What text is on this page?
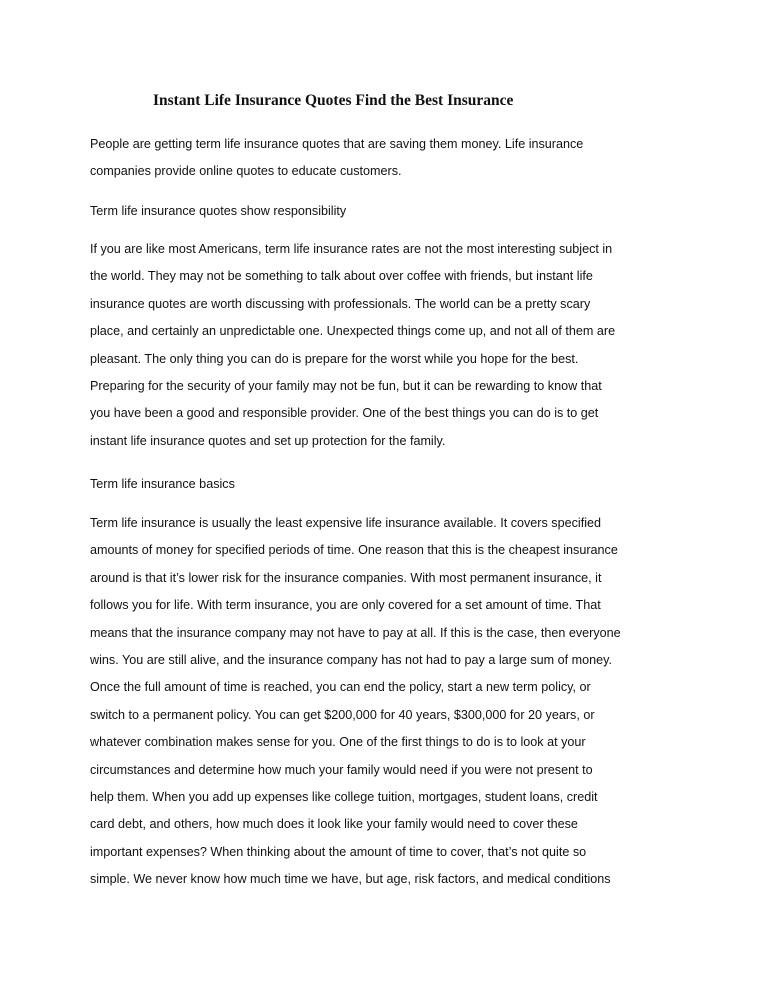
Instant Life Insurance Quotes Find the Best Insurance

People are getting term life insurance quotes that are saving them money. Life insurance
companies provide online quotes to educate customers.

Term life insurance quotes show responsibility

If you are like most Americans, term life insurance rates are not the most interesting subject in
the world. They may not be something to talk about over coffee with friends, but instant life
insurance quotes are worth discussing with professionals. The world can be a pretty scary
place, and certainly an unpredictable one. Unexpected things come up, and not all of them are
pleasant. The only thing you can do is prepare for the worst while you hope for the best.
Preparing for the security of your family may not be fun, but it can be rewarding to know that
you have been a good and responsible provider. One of the best things you can do is to get
instant life insurance quotes and set up protection for the family.

Term life insurance basics

Term life insurance is usually the least expensive life insurance available. It covers specified
amounts of money for specified periods of time. One reason that this is the cheapest insurance
around is that it’s lower risk for the insurance companies. With most permanent insurance, it
follows you for life. With term insurance, you are only covered for a set amount of time. That
means that the insurance company may not have to pay at all. If this is the case, then everyone
wins. You are still alive, and the insurance company has not had to pay a large sum of money.
Once the full amount of time is reached, you can end the policy, start a new term policy, or
switch to a permanent policy. You can get $200,000 for 40 years, $300,000 for 20 years, or
whatever combination makes sense for you. One of the first things to do is to look at your
circumstances and determine how much your family would need if you were not present to
help them. When you add up expenses like college tuition, mortgages, student loans, credit
card debt, and others, how much does it look like your family would need to cover these
important expenses? When thinking about the amount of time to cover, that’s not quite so
simple. We never know how much time we have, but age, risk factors, and medical conditions
